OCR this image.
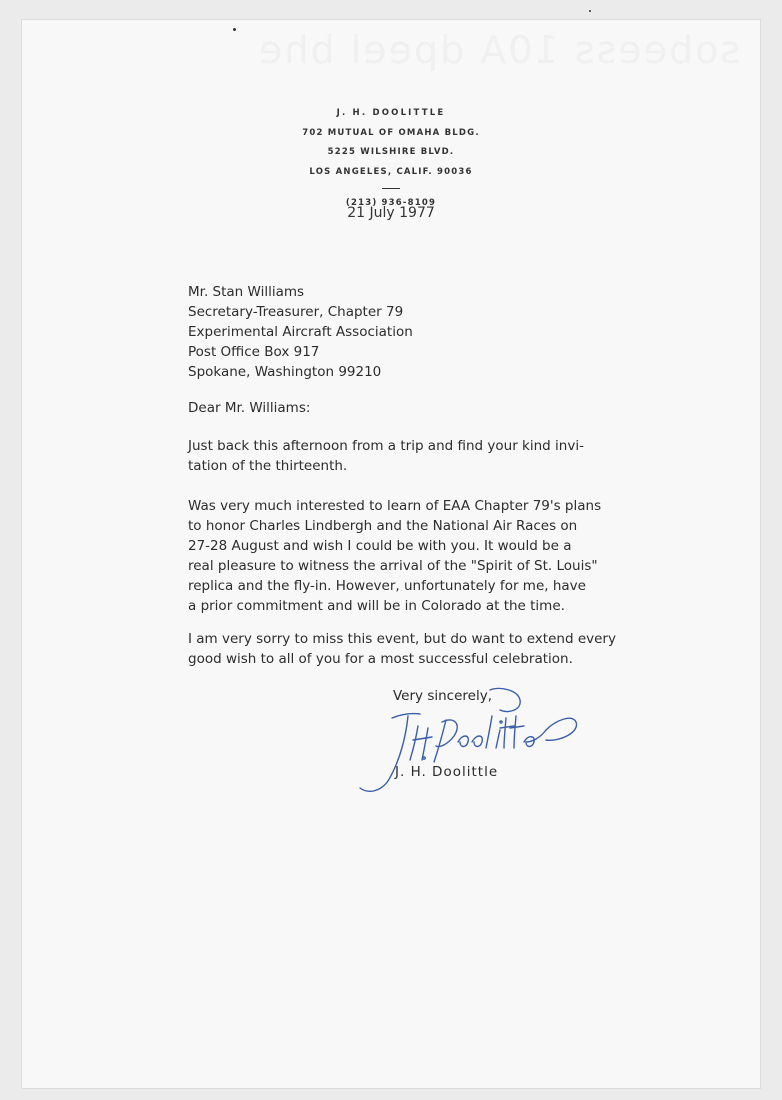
sobeess 10A dpeel bhe
J. H. DOOLITTLE
702 MUTUAL OF OMAHA BLDG.
5225 WILSHIRE BLVD.
LOS ANGELES, CALIF. 90036
(213) 936-8109
21 July 1977
Mr. Stan Williams
Secretary-Treasurer, Chapter 79
Experimental Aircraft Association
Post Office Box 917
Spokane, Washington 99210
Dear Mr. Williams:
Just back this afternoon from a trip and find your kind invi-
tation of the thirteenth.
Was very much interested to learn of EAA Chapter 79's plans
to honor Charles Lindbergh and the National Air Races on
27-28 August and wish I could be with you. It would be a
real pleasure to witness the arrival of the "Spirit of St. Louis"
replica and the fly-in. However, unfortunately for me, have
a prior commitment and will be in Colorado at the time.
I am very sorry to miss this event, but do want to extend every
good wish to all of you for a most successful celebration.
Very sincerely,
J. H. Doolittle
